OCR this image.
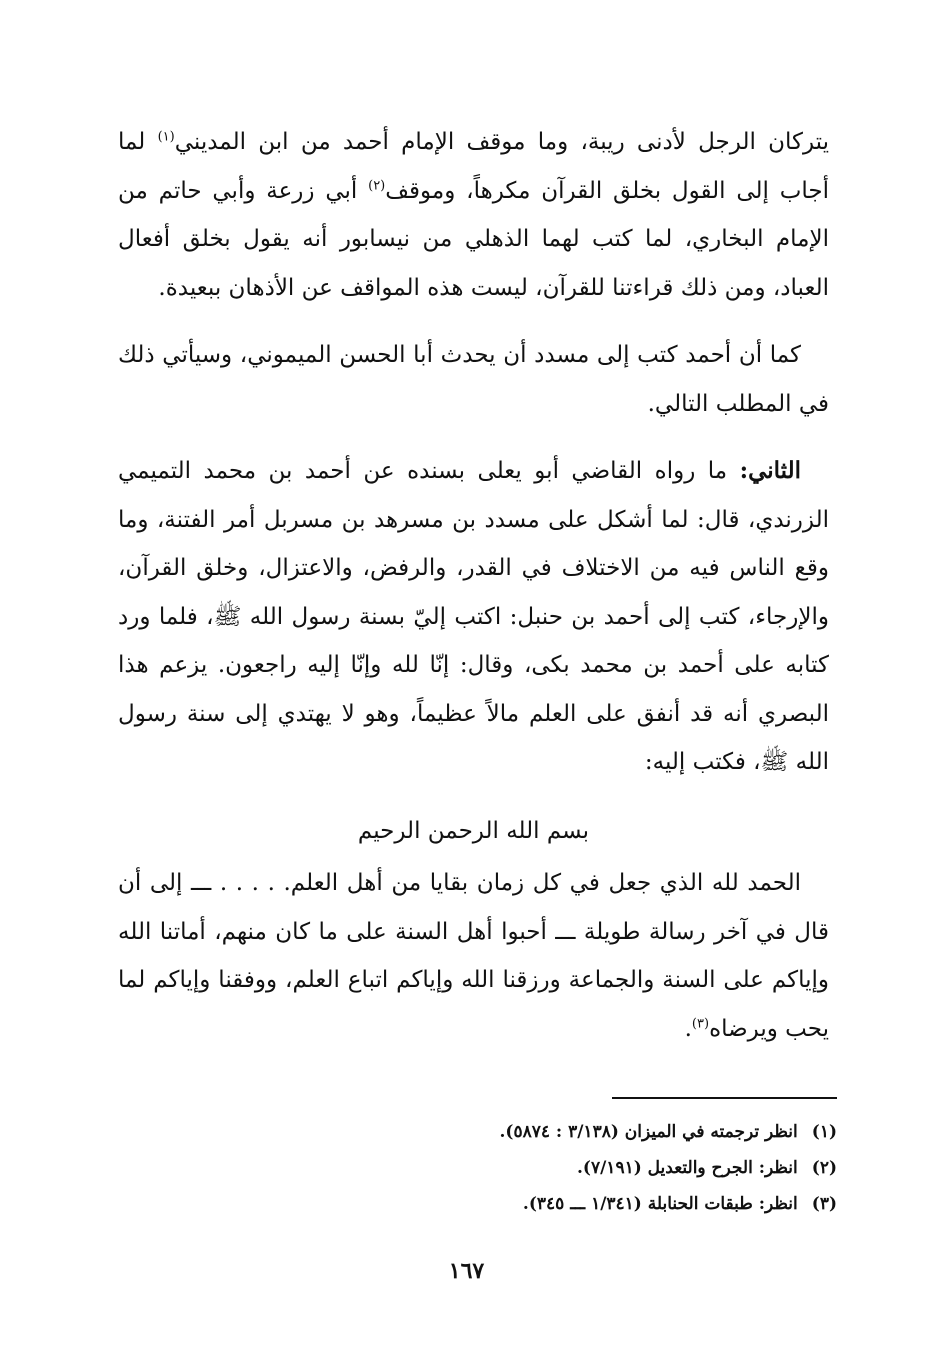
يتركان الرجل لأدنى ريبة، وما موقف الإمام أحمد من ابن المديني$^{(١)}$ لما أجاب إلى القول بخلق القرآن مكرهاً، وموقف$^{(٢)}$ أبي زرعة وأبي حاتم من الإمام البخاري، لما كتب لهما الذهلي من نيسابور أنه يقول بخلق أفعال العباد، ومن ذلك قراءتنا للقرآن، ليست هذه المواقف عن الأذهان ببعيدة.

كما أن أحمد كتب إلى مسدد أن يحدث أبا الحسن الميموني، وسيأتي ذلك في المطلب التالي.

الثاني: ما رواه القاضي أبو يعلى بسنده عن أحمد بن محمد التميمي الزرندي، قال: لما أشكل على مسدد بن مسرهد بن مسربل أمر الفتنة، وما وقع الناس فيه من الاختلاف في القدر، والرفض، والاعتزال، وخلق القرآن، والإرجاء، كتب إلى أحمد بن حنبل: اكتب إليّ بسنة رسول الله ﷺ، فلما ورد كتابه على أحمد بن محمد بكى، وقال: إنّا لله وإنّا إليه راجعون. يزعم هذا البصري أنه قد أنفق على العلم مالاً عظيماً، وهو لا يهتدي إلى سنة رسول الله ﷺ، فكتب إليه:

بسم الله الرحمن الرحيم

الحمد لله الذي جعل في كل زمان بقايا من أهل العلم. . . . . ـــ إلى أن قال في آخر رسالة طويلة ـــ أحبوا أهل السنة على ما كان منهم، أماتنا الله وإياكم على السنة والجماعة ورزقنا الله وإياكم اتباع العلم، ووفقنا وإياكم لما يحب ويرضاه$^{(٣)}$.

(١)
انظر ترجمته في الميزان (٣/١٣٨ : ٥٨٧٤).
(٢)
انظر: الجرح والتعديل (٧/١٩١).
(٣)
انظر: طبقات الحنابلة (١/٣٤١ ـــ ٣٤٥).
١٦٧
